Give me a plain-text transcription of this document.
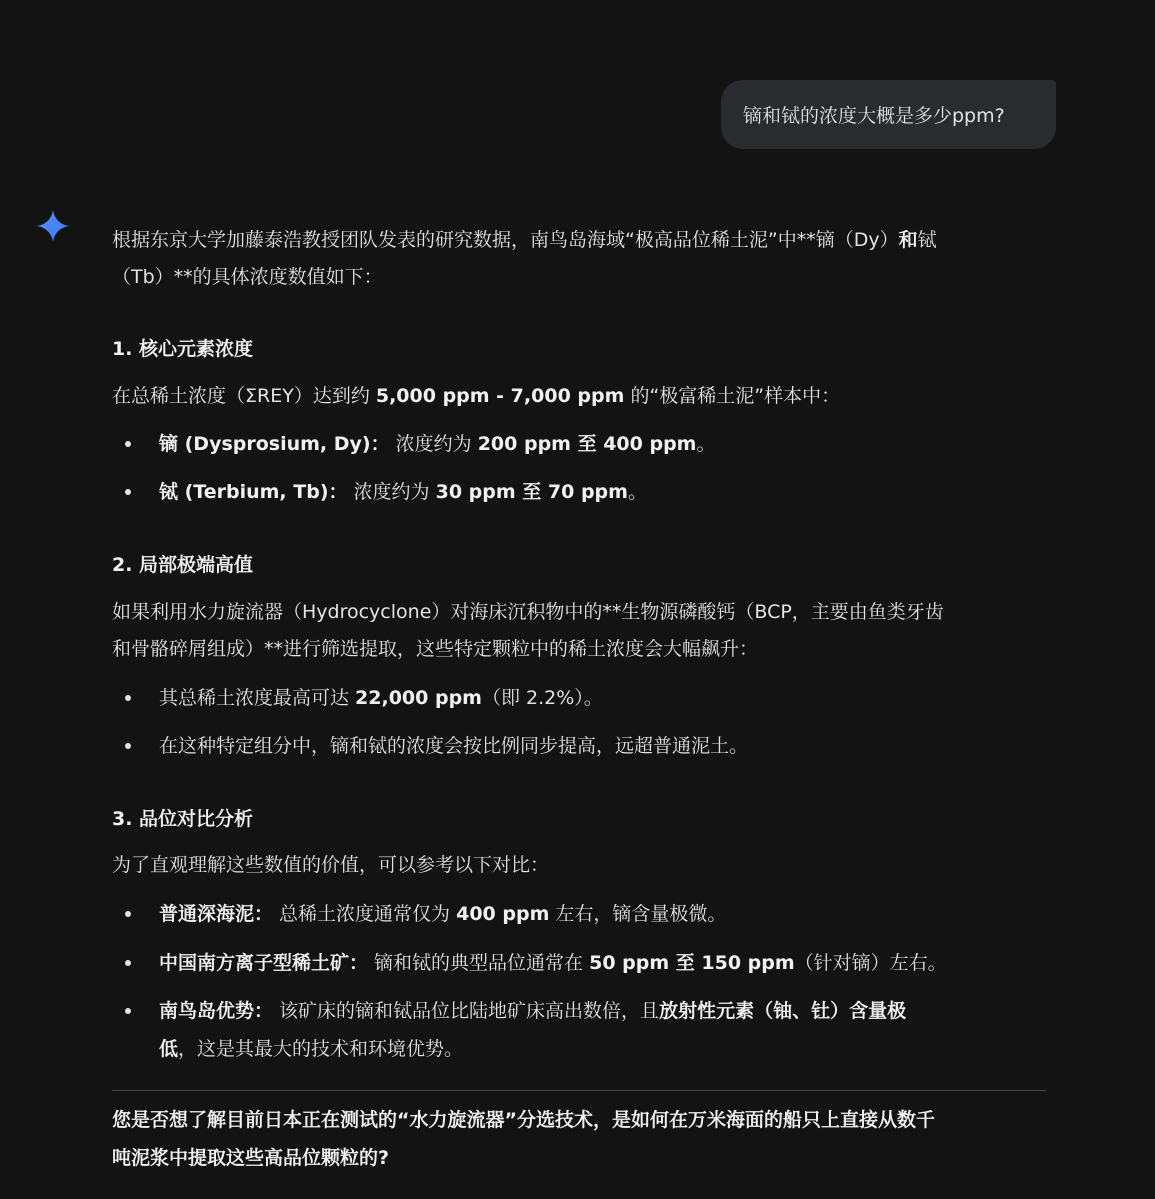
镝和铽的浓度大概是多少ppm?
根据东京大学加藤泰浩教授团队发表的研究数据，南鸟岛海域“极高品位稀土泥”中**镝（Dy）和铽
（Tb）**的具体浓度数值如下：
1. 核心元素浓度
在总稀土浓度（ΣREY）达到约 5,000 ppm - 7,000 ppm 的“极富稀土泥”样本中：
镝 (Dysprosium, Dy)： 浓度约为 200 ppm 至 400 ppm。
铽 (Terbium, Tb)： 浓度约为 30 ppm 至 70 ppm。
2. 局部极端高值
如果利用水力旋流器（Hydrocyclone）对海床沉积物中的**生物源磷酸钙（BCP，主要由鱼类牙齿
和骨骼碎屑组成）**进行筛选提取，这些特定颗粒中的稀土浓度会大幅飙升：
其总稀土浓度最高可达 22,000 ppm（即 2.2%）。
在这种特定组分中，镝和铽的浓度会按比例同步提高，远超普通泥土。
3. 品位对比分析
为了直观理解这些数值的价值，可以参考以下对比：
普通深海泥： 总稀土浓度通常仅为 400 ppm 左右，镝含量极微。
中国南方离子型稀土矿： 镝和铽的典型品位通常在 50 ppm 至 150 ppm（针对镝）左右。
南鸟岛优势： 该矿床的镝和铽品位比陆地矿床高出数倍，且放射性元素（铀、钍）含量极
低，这是其最大的技术和环境优势。
您是否想了解目前日本正在测试的“水力旋流器”分选技术，是如何在万米海面的船只上直接从数千
吨泥浆中提取这些高品位颗粒的?
